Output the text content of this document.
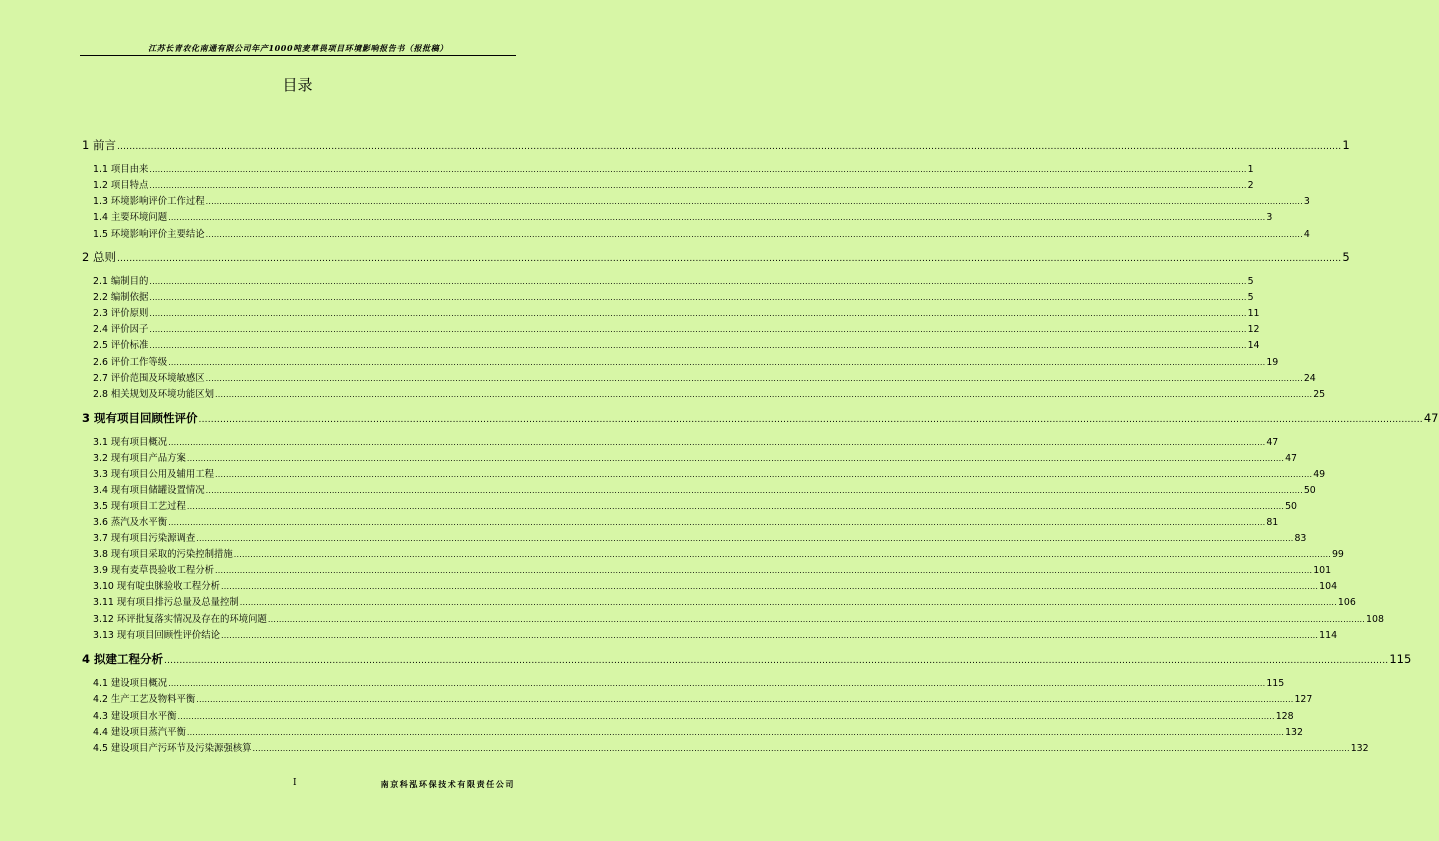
江苏长青农化南通有限公司年产1000吨麦草畏项目环境影响报告书（报批稿）
目录
1 前言 ................................................................................................................................................................................................................................................................................................................................................................................................................ 1
1.1 项目由来 ................................................................................................................................................................................................................................................................................................................................................................................................................ 1
1.2 项目特点 ................................................................................................................................................................................................................................................................................................................................................................................................................ 2
1.3 环境影响评价工作过程 ................................................................................................................................................................................................................................................................................................................................................................................................................ 3
1.4 主要环境问题 ................................................................................................................................................................................................................................................................................................................................................................................................................ 3
1.5 环境影响评价主要结论 ................................................................................................................................................................................................................................................................................................................................................................................................................ 4
2 总则 ................................................................................................................................................................................................................................................................................................................................................................................................................ 5
2.1 编制目的 ................................................................................................................................................................................................................................................................................................................................................................................................................ 5
2.2 编制依据 ................................................................................................................................................................................................................................................................................................................................................................................................................ 5
2.3 评价原则 ................................................................................................................................................................................................................................................................................................................................................................................................................ 11
2.4 评价因子 ................................................................................................................................................................................................................................................................................................................................................................................................................ 12
2.5 评价标准 ................................................................................................................................................................................................................................................................................................................................................................................................................ 14
2.6 评价工作等级 ................................................................................................................................................................................................................................................................................................................................................................................................................ 19
2.7 评价范围及环境敏感区 ................................................................................................................................................................................................................................................................................................................................................................................................................ 24
2.8 相关规划及环境功能区划 ................................................................................................................................................................................................................................................................................................................................................................................................................ 25
3 现有项目回顾性评价 ................................................................................................................................................................................................................................................................................................................................................................................................................ 47
3.1 现有项目概况 ................................................................................................................................................................................................................................................................................................................................................................................................................ 47
3.2 现有项目产品方案 ................................................................................................................................................................................................................................................................................................................................................................................................................ 47
3.3 现有项目公用及辅用工程 ................................................................................................................................................................................................................................................................................................................................................................................................................ 49
3.4 现有项目储罐设置情况 ................................................................................................................................................................................................................................................................................................................................................................................................................ 50
3.5 现有项目工艺过程 ................................................................................................................................................................................................................................................................................................................................................................................................................ 50
3.6 蒸汽及水平衡 ................................................................................................................................................................................................................................................................................................................................................................................................................ 81
3.7 现有项目污染源调查 ................................................................................................................................................................................................................................................................................................................................................................................................................ 83
3.8 现有项目采取的污染控制措施 ................................................................................................................................................................................................................................................................................................................................................................................................................ 99
3.9 现有麦草畏验收工程分析 ................................................................................................................................................................................................................................................................................................................................................................................................................ 101
3.10 现有啶虫脒验收工程分析 ................................................................................................................................................................................................................................................................................................................................................................................................................ 104
3.11 现有项目排污总量及总量控制 ................................................................................................................................................................................................................................................................................................................................................................................................................ 106
3.12 环评批复落实情况及存在的环境问题 ................................................................................................................................................................................................................................................................................................................................................................................................................ 108
3.13 现有项目回顾性评价结论 ................................................................................................................................................................................................................................................................................................................................................................................................................ 114
4 拟建工程分析 ................................................................................................................................................................................................................................................................................................................................................................................................................ 115
4.1 建设项目概况 ................................................................................................................................................................................................................................................................................................................................................................................................................ 115
4.2 生产工艺及物料平衡 ................................................................................................................................................................................................................................................................................................................................................................................................................ 127
4.3 建设项目水平衡 ................................................................................................................................................................................................................................................................................................................................................................................................................ 128
4.4 建设项目蒸汽平衡 ................................................................................................................................................................................................................................................................................................................................................................................................................ 132
4.5 建设项目产污环节及污染源强核算 ................................................................................................................................................................................................................................................................................................................................................................................................................ 132
I	南京科泓环保技术有限责任公司
